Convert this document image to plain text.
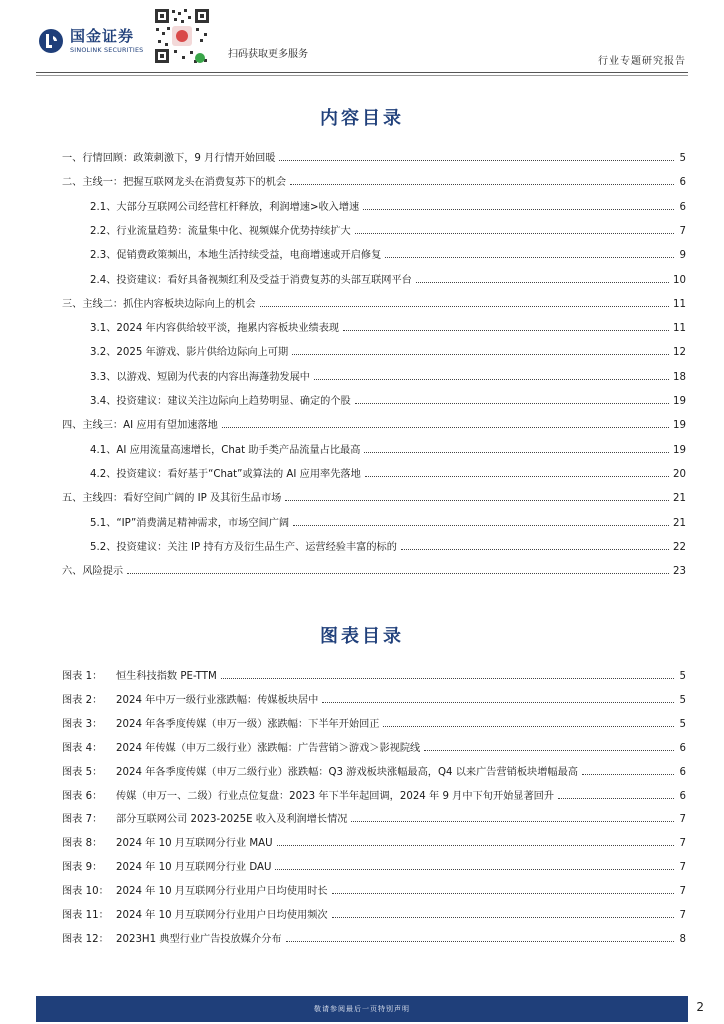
国金证券
SINOLINK SECURITIES	扫码获取更多服务
行业专题研究报告
内容目录
一、行情回顾：政策刺激下，9 月行情开始回暖	5
二、主线一：把握互联网龙头在消费复苏下的机会	6
2.1、大部分互联网公司经营杠杆释放，利润增速>收入增速	6
2.2、行业流量趋势：流量集中化、视频媒介优势持续扩大	7
2.3、促销费政策频出，本地生活持续受益，电商增速或开启修复	9
2.4、投资建议：看好具备视频红利及受益于消费复苏的头部互联网平台	10
三、主线二：抓住内容板块边际向上的机会	11
3.1、2024 年内容供给较平淡，拖累内容板块业绩表现	11
3.2、2025 年游戏、影片供给边际向上可期	12
3.3、以游戏、短剧为代表的内容出海蓬勃发展中	18
3.4、投资建议：建议关注边际向上趋势明显、确定的个股	19
四、主线三：AI 应用有望加速落地	19
4.1、AI 应用流量高速增长，Chat 助手类产品流量占比最高	19
4.2、投资建议：看好基于“Chat”或算法的 AI 应用率先落地	20
五、主线四：看好空间广阔的 IP 及其衍生品市场	21
5.1、“IP”消费满足精神需求，市场空间广阔	21
5.2、投资建议：关注 IP 持有方及衍生品生产、运营经验丰富的标的	22
六、风险提示	23
图表目录
图表 1： 恒生科技指数 PE-TTM	5
图表 2： 2024 年中万一级行业涨跌幅：传媒板块居中	5
图表 3： 2024 年各季度传媒（申万一级）涨跌幅：下半年开始回正	5
图表 4： 2024 年传媒（申万二级行业）涨跌幅：广告营销＞游戏＞影视院线	6
图表 5： 2024 年各季度传媒（申万二级行业）涨跌幅：Q3 游戏板块涨幅最高，Q4 以来广告营销板块增幅最高	6
图表 6： 传媒（申万一、二级）行业点位复盘：2023 年下半年起回调，2024 年 9 月中下旬开始显著回升	6
图表 7： 部分互联网公司 2023-2025E 收入及利润增长情况	7
图表 8： 2024 年 10 月互联网分行业 MAU	7
图表 9： 2024 年 10 月互联网分行业 DAU	7
图表 10： 2024 年 10 月互联网分行业用户日均使用时长	7
图表 11： 2024 年 10 月互联网分行业用户日均使用频次	7
图表 12： 2023H1 典型行业广告投放媒介分布	8
敬请参阅最后一页特别声明	2
